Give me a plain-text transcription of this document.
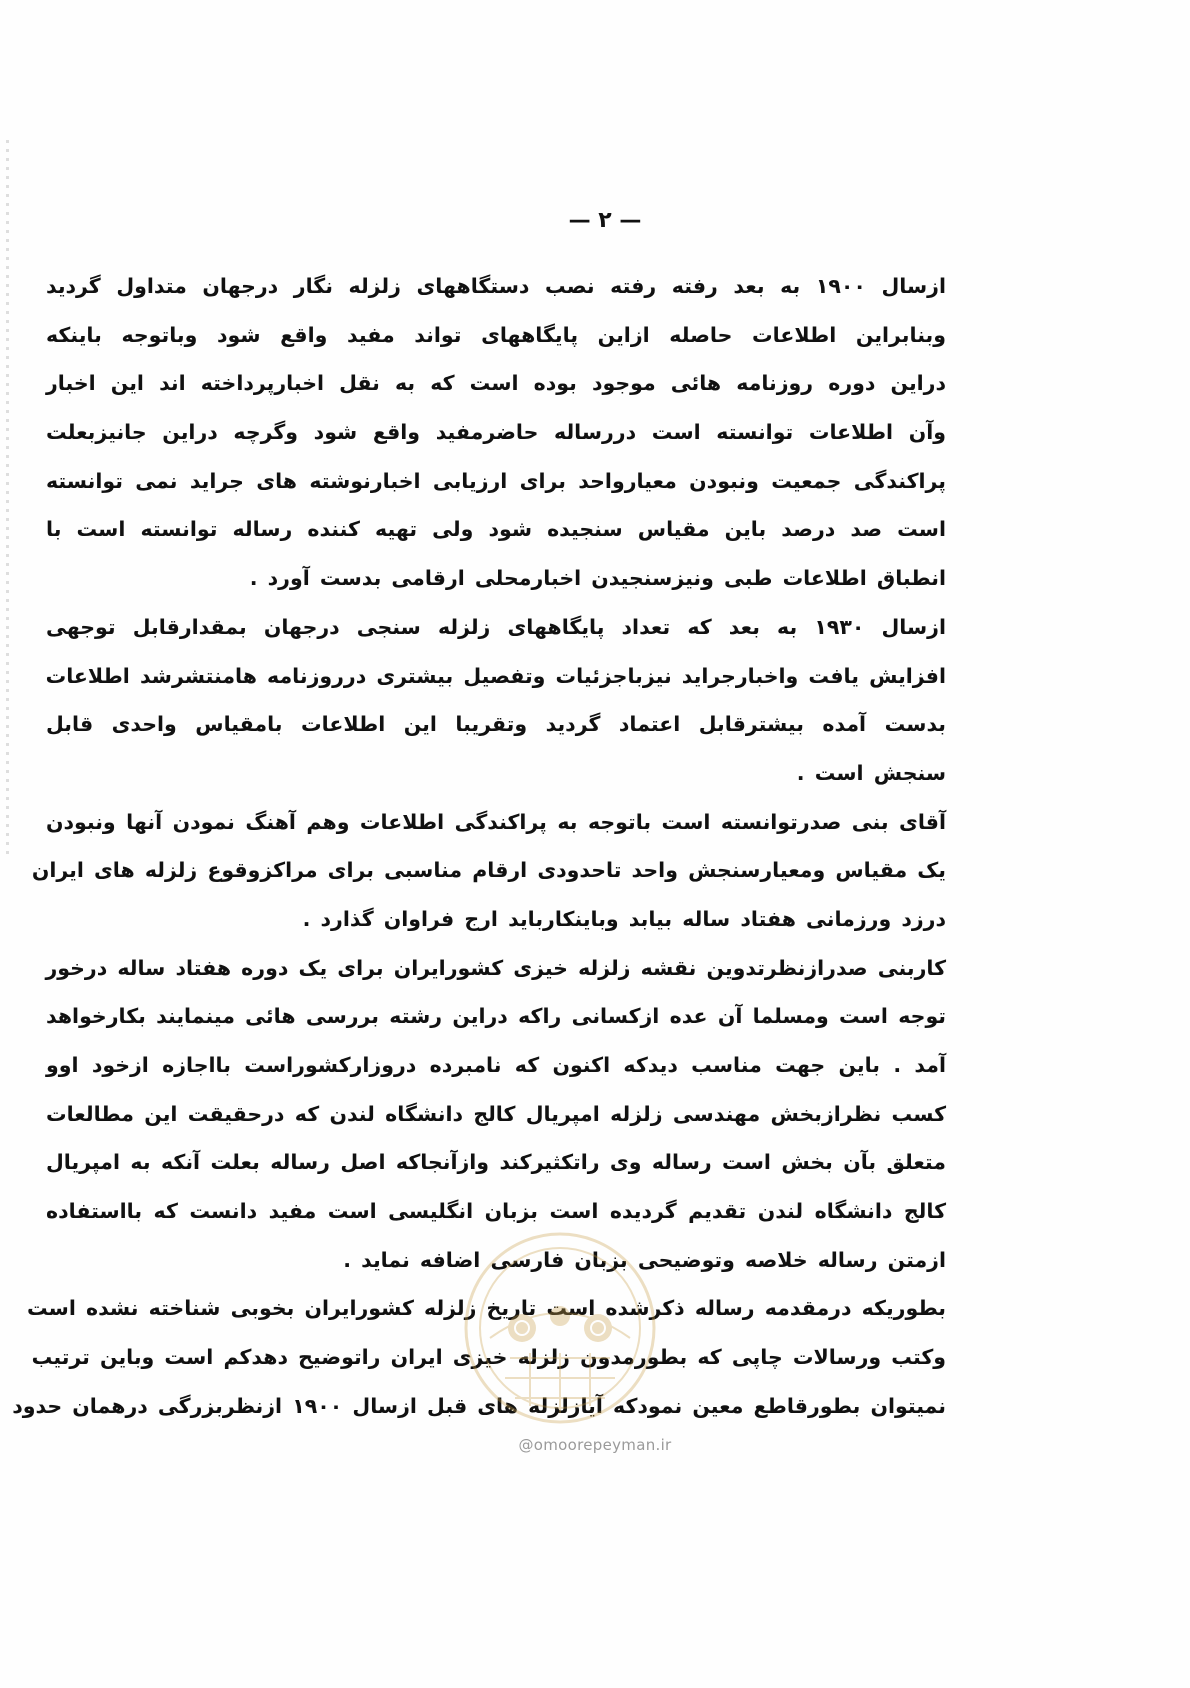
— ۲ —
ازسال ۱۹۰۰ به بعد رفته رفته نصب دستگاههای زلزله نگار درجهان متداول گردید
وبنابراین اطلاعات حاصله ازاین پایگاههای تواند مفید واقع شود وباتوجه باینکه
دراین دوره روزنامه هائی موجود بوده است که به نقل اخبارپرداخته اند این اخبار
وآن اطلاعات توانسته است دررساله حاضرمفید واقع شود وگرچه دراین جانیزبعلت
پراکندگی جمعیت ونبودن معیارواحد برای ارزیابی اخبارنوشته های جراید نمی توانسته
است صد درصد باین مقیاس سنجیده شود ولی تهیه کننده رساله توانسته است با
انطباق اطلاعات طبی ونیزسنجیدن اخبارمحلی ارقامی بدست آورد .
ازسال ۱۹۳۰ به بعد که تعداد پایگاههای زلزله سنجی درجهان بمقدارقابل توجهی
افزایش یافت واخبارجراید نیزباجزئیات وتفصیل بیشتری درروزنامه هامنتشرشد اطلاعات
بدست آمده بیشترقابل اعتماد گردید وتقریبا این اطلاعات بامقیاس واحدی قابل
سنجش است .
آقای بنی صدرتوانسته است باتوجه به پراکندگی اطلاعات وهم آهنگ نمودن آنها ونبودن
یک مقیاس ومعیارسنجش واحد تاحدودی ارقام مناسبی برای مراکزوقوع زلزله های ایران
درزد ورزمانی هفتاد ساله بیابد وباینکارباید ارج فراوان گذارد .
کاربنی صدرازنظرتدوین نقشه زلزله خیزی کشورایران برای یک دوره هفتاد ساله درخور
توجه است ومسلما آن عده ازکسانی راکه دراین رشته بررسی هائی مینمایند بکارخواهد
آمد . باین جهت مناسب دیدکه اکنون که نامبرده دروزارکشوراست بااجازه ازخود اوو
کسب نظرازبخش مهندسی زلزله امپریال کالج دانشگاه لندن که درحقیقت این مطالعات
متعلق بآن بخش است رساله وی راتکثیرکند وازآنجاکه اصل رساله بعلت آنکه به امپریال
کالج دانشگاه لندن تقدیم گردیده است بزبان انگلیسی است مفید دانست که بااستفاده
ازمتن رساله خلاصه وتوضیحی بزبان فارسی اضافه نماید .
بطوریکه درمقدمه رساله ذکرشده است تاریخ زلزله کشورایران بخوبی شناخته نشده است
وکتب ورسالات چاپی که بطورمدون زلزله خیزی ایران راتوضیح دهدکم است وباین ترتیب
نمیتوان بطورقاطع معین نمودکه آیازلزله های قبل ازسال ۱۹۰۰ ازنظربزرگی درهمان حدود
@omoorepeyman.ir
